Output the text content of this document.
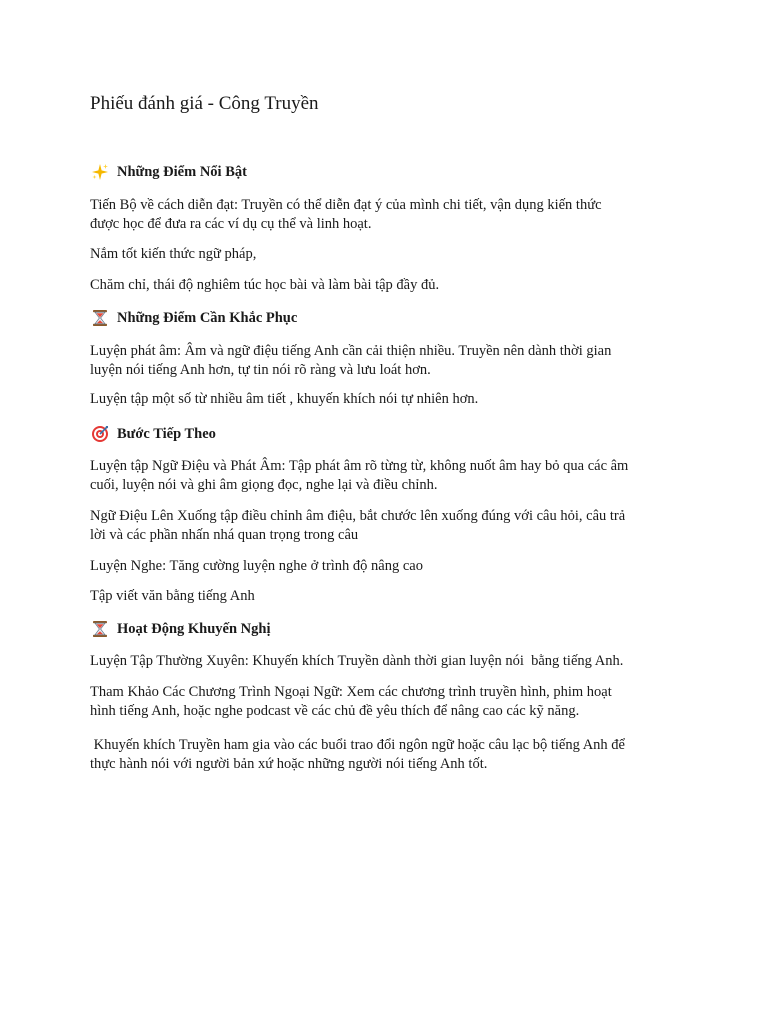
Phiếu đánh giá - Công Truyền
Những Điểm Nổi Bật

Tiến Bộ về cách diễn đạt: Truyền có thể diễn đạt ý của mình chi tiết, vận dụng kiến thức
được học để đưa ra các ví dụ cụ thể và linh hoạt.

Nắm tốt kiến thức ngữ pháp,

Chăm chỉ, thái độ nghiêm túc học bài và làm bài tập đầy đủ.

Những Điểm Cần Khắc Phục

Luyện phát âm: Âm và ngữ điệu tiếng Anh cần cải thiện nhiều. Truyền nên dành thời gian
luyện nói tiếng Anh hơn, tự tin nói rõ ràng và lưu loát hơn.

Luyện tập một số từ nhiều âm tiết , khuyến khích nói tự nhiên hơn.

Bước Tiếp Theo

Luyện tập Ngữ Điệu và Phát Âm: Tập phát âm rõ từng từ, không nuốt âm hay bỏ qua các âm
cuối, luyện nói và ghi âm giọng đọc, nghe lại và điều chỉnh.

Ngữ Điệu Lên Xuống tập điều chỉnh âm điệu, bắt chước lên xuống đúng với câu hỏi, câu trả
lời và các phần nhấn nhá quan trọng trong câu

Luyện Nghe: Tăng cường luyện nghe ở trình độ nâng cao

Tập viết văn bằng tiếng Anh

Hoạt Động Khuyến Nghị

Luyện Tập Thường Xuyên: Khuyến khích Truyền dành thời gian luyện nói  bằng tiếng Anh.

Tham Khảo Các Chương Trình Ngoại Ngữ: Xem các chương trình truyền hình, phim hoạt
hình tiếng Anh, hoặc nghe podcast về các chủ đề yêu thích để nâng cao các kỹ năng.

Khuyến khích Truyền ham gia vào các buổi trao đổi ngôn ngữ hoặc câu lạc bộ tiếng Anh để
thực hành nói với người bản xứ hoặc những người nói tiếng Anh tốt.
